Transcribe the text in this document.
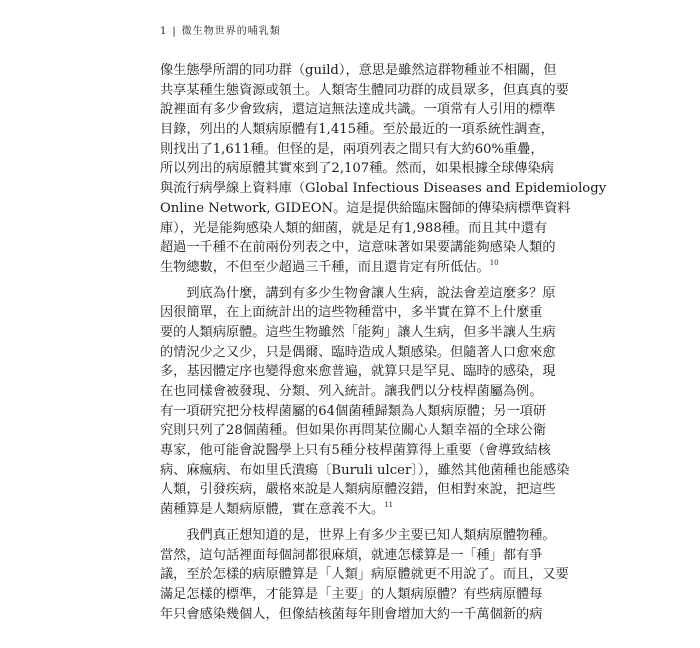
1 | 微生物世界的哺乳類
像生態學所謂的同功群（guild），意思是雖然這群物種並不相關，但
共享某種生態資源或領土。人類寄生體同功群的成員眾多，但真真的要
說裡面有多少會致病，還這這無法達成共識。一項常有人引用的標準
目錄，列出的人類病原體有1,415種。至於最近的一項系統性調查，
則找出了1,611種。但怪的是，兩項列表之間只有大約60%重疊，
所以列出的病原體其實來到了2,107種。然而，如果根據全球傳染病
與流行病學線上資料庫（Global Infectious Diseases and Epidemiology
Online Network, GIDEON。這是提供給臨床醫師的傳染病標準資料
庫），光是能夠感染人類的細菌，就是足有1,988種。而且其中還有
超過一千種不在前兩份列表之中，這意味著如果要講能夠感染人類的
生物總數，不但至少超過三千種，而且還肯定有所低估。$^{10}$
　　到底為什麼，講到有多少生物會讓人生病，說法會差這麼多？原
因很簡單，在上面統計出的這些物種當中，多半實在算不上什麼重
要的人類病原體。這些生物雖然「能夠」讓人生病，但多半讓人生病
的情況少之又少，只是偶爾、臨時造成人類感染。但隨著人口愈來愈
多，基因體定序也變得愈來愈普遍，就算只是罕見、臨時的感染，現
在也同樣會被發現、分類、列入統計。讓我們以分枝桿菌屬為例。
有一項研究把分枝桿菌屬的64個菌種歸類為人類病原體；另一項研
究則只列了28個菌種。但如果你再問某位關心人類幸福的全球公衛
專家，他可能會說醫學上只有5種分枝桿菌算得上重要（會導致結核
病、麻瘋病、布如里氏潰瘍〔Buruli ulcer〕），雖然其他菌種也能感染
人類，引發疾病，嚴格來說是人類病原體沒錯，但相對來說，把這些
菌種算是人類病原體，實在意義不大。$^{11}$
　　我們真正想知道的是，世界上有多少主要已知人類病原體物種。
當然，這句話裡面每個詞都很麻煩，就連怎樣算是一「種」都有爭
議，至於怎樣的病原體算是「人類」病原體就更不用說了。而且，又要
滿足怎樣的標準，才能算是「主要」的人類病原體？有些病原體每
年只會感染幾個人，但像結核菌每年則會增加大約一千萬個新的病
